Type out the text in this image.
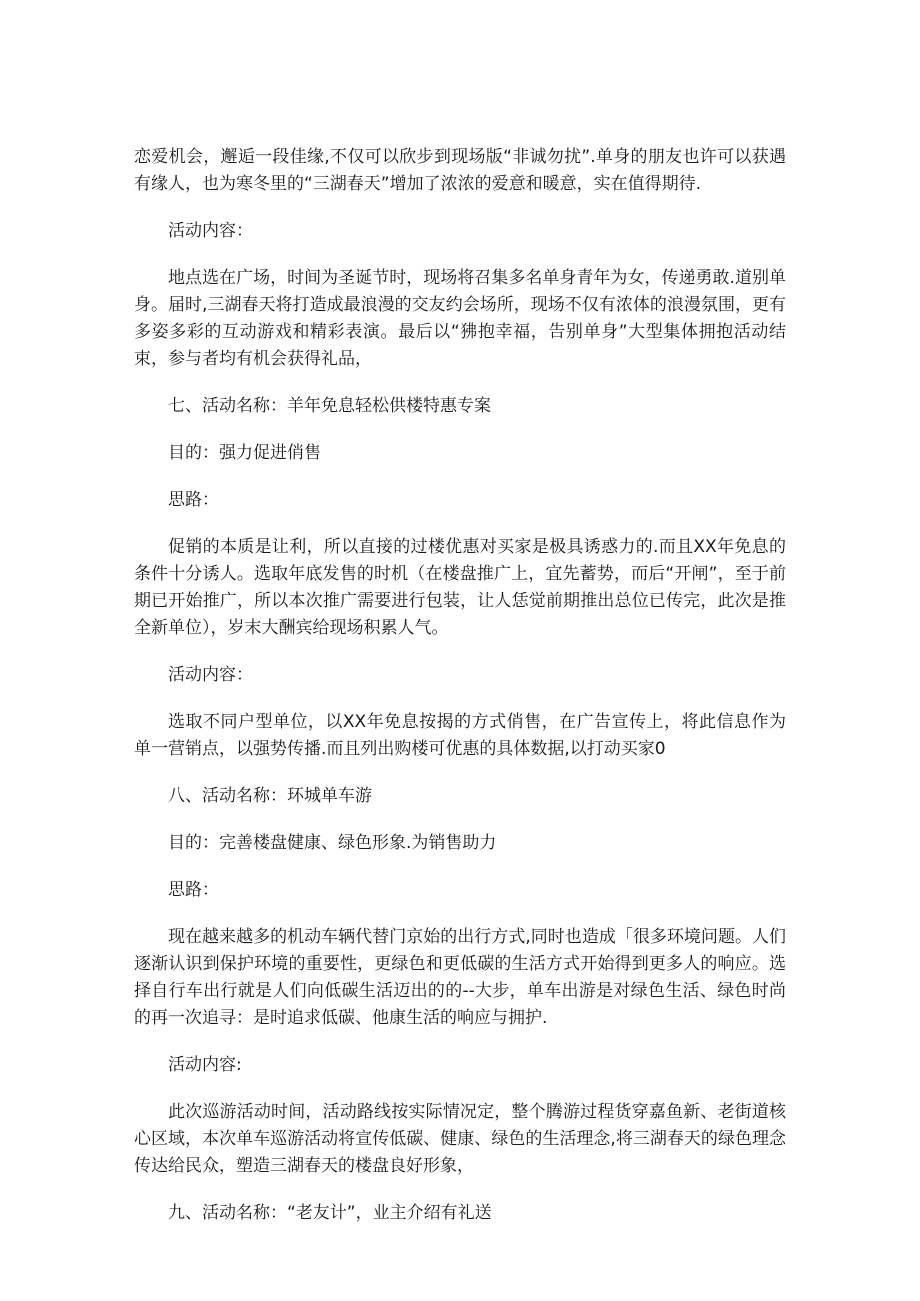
恋爱机会，邂逅一段佳缘,不仅可以欣步到现场版“非诚勿扰”.单身的朋友也许可以获遇有缘人，也为寒冬里的“三湖春天”增加了浓浓的爱意和暖意，实在值得期待.

活动内容：

地点选在广场，时间为圣诞节时，现场将召集多名单身青年为女，传递勇敢.道别单身。届时,三湖春天将打造成最浪漫的交友约会场所，现场不仅有浓体的浪漫氛围，更有多姿多彩的互动游戏和精彩表演。最后以“狒抱幸福，告别单身”大型集体拥抱活动结束，参与者均有机会获得礼品，

七、活动名称：羊年免息轻松供楼特惠专案

目的：强力促进俏售

思路：

促销的本质是让利，所以直接的过楼优惠对买家是极具诱惑力的.而且XX年免息的条件十分诱人。选取年底发售的时机（在楼盘推广上，宜先蓄势，而后“开闸”，至于前期已开始推广，所以本次推广需要进行包装，让人恁觉前期推出总位已传完，此次是推全新单位），岁末大酬宾给现场积累人气。

活动内容：

选取不同户型单位，以XX年免息按揭的方式俏售，在广告宣传上，将此信息作为单一营销点，以强势传播.而且列出购楼可优惠的具体数据,以打动买家0

八、活动名称：环城单车游

目的：完善楼盘健康、绿色形象.为销售助力

思路：

现在越来越多的机动车辆代替门京始的出行方式,同时也造成「很多环境问题。人们逐渐认识到保护环境的重要性，更绿色和更低碳的生活方式开始得到更多人的响应。选择自行车出行就是人们向低碳生活迈出的的--大步，单车出游是对绿色生活、绿色时尚的再一次追寻：是时追求低碳、他康生活的响应与拥护.

活动内容:

此次巡游活动时间，活动路线按实际情况定，整个腾游过程货穿嘉鱼新、老街道核心区域，本次单车巡游活动将宣传低碳、健康、绿色的生活理念,将三湖春天的绿色理念传达给民众，塑造三湖春天的楼盘良好形象，

九、活动名称：“老友计”，业主介绍有礼送
